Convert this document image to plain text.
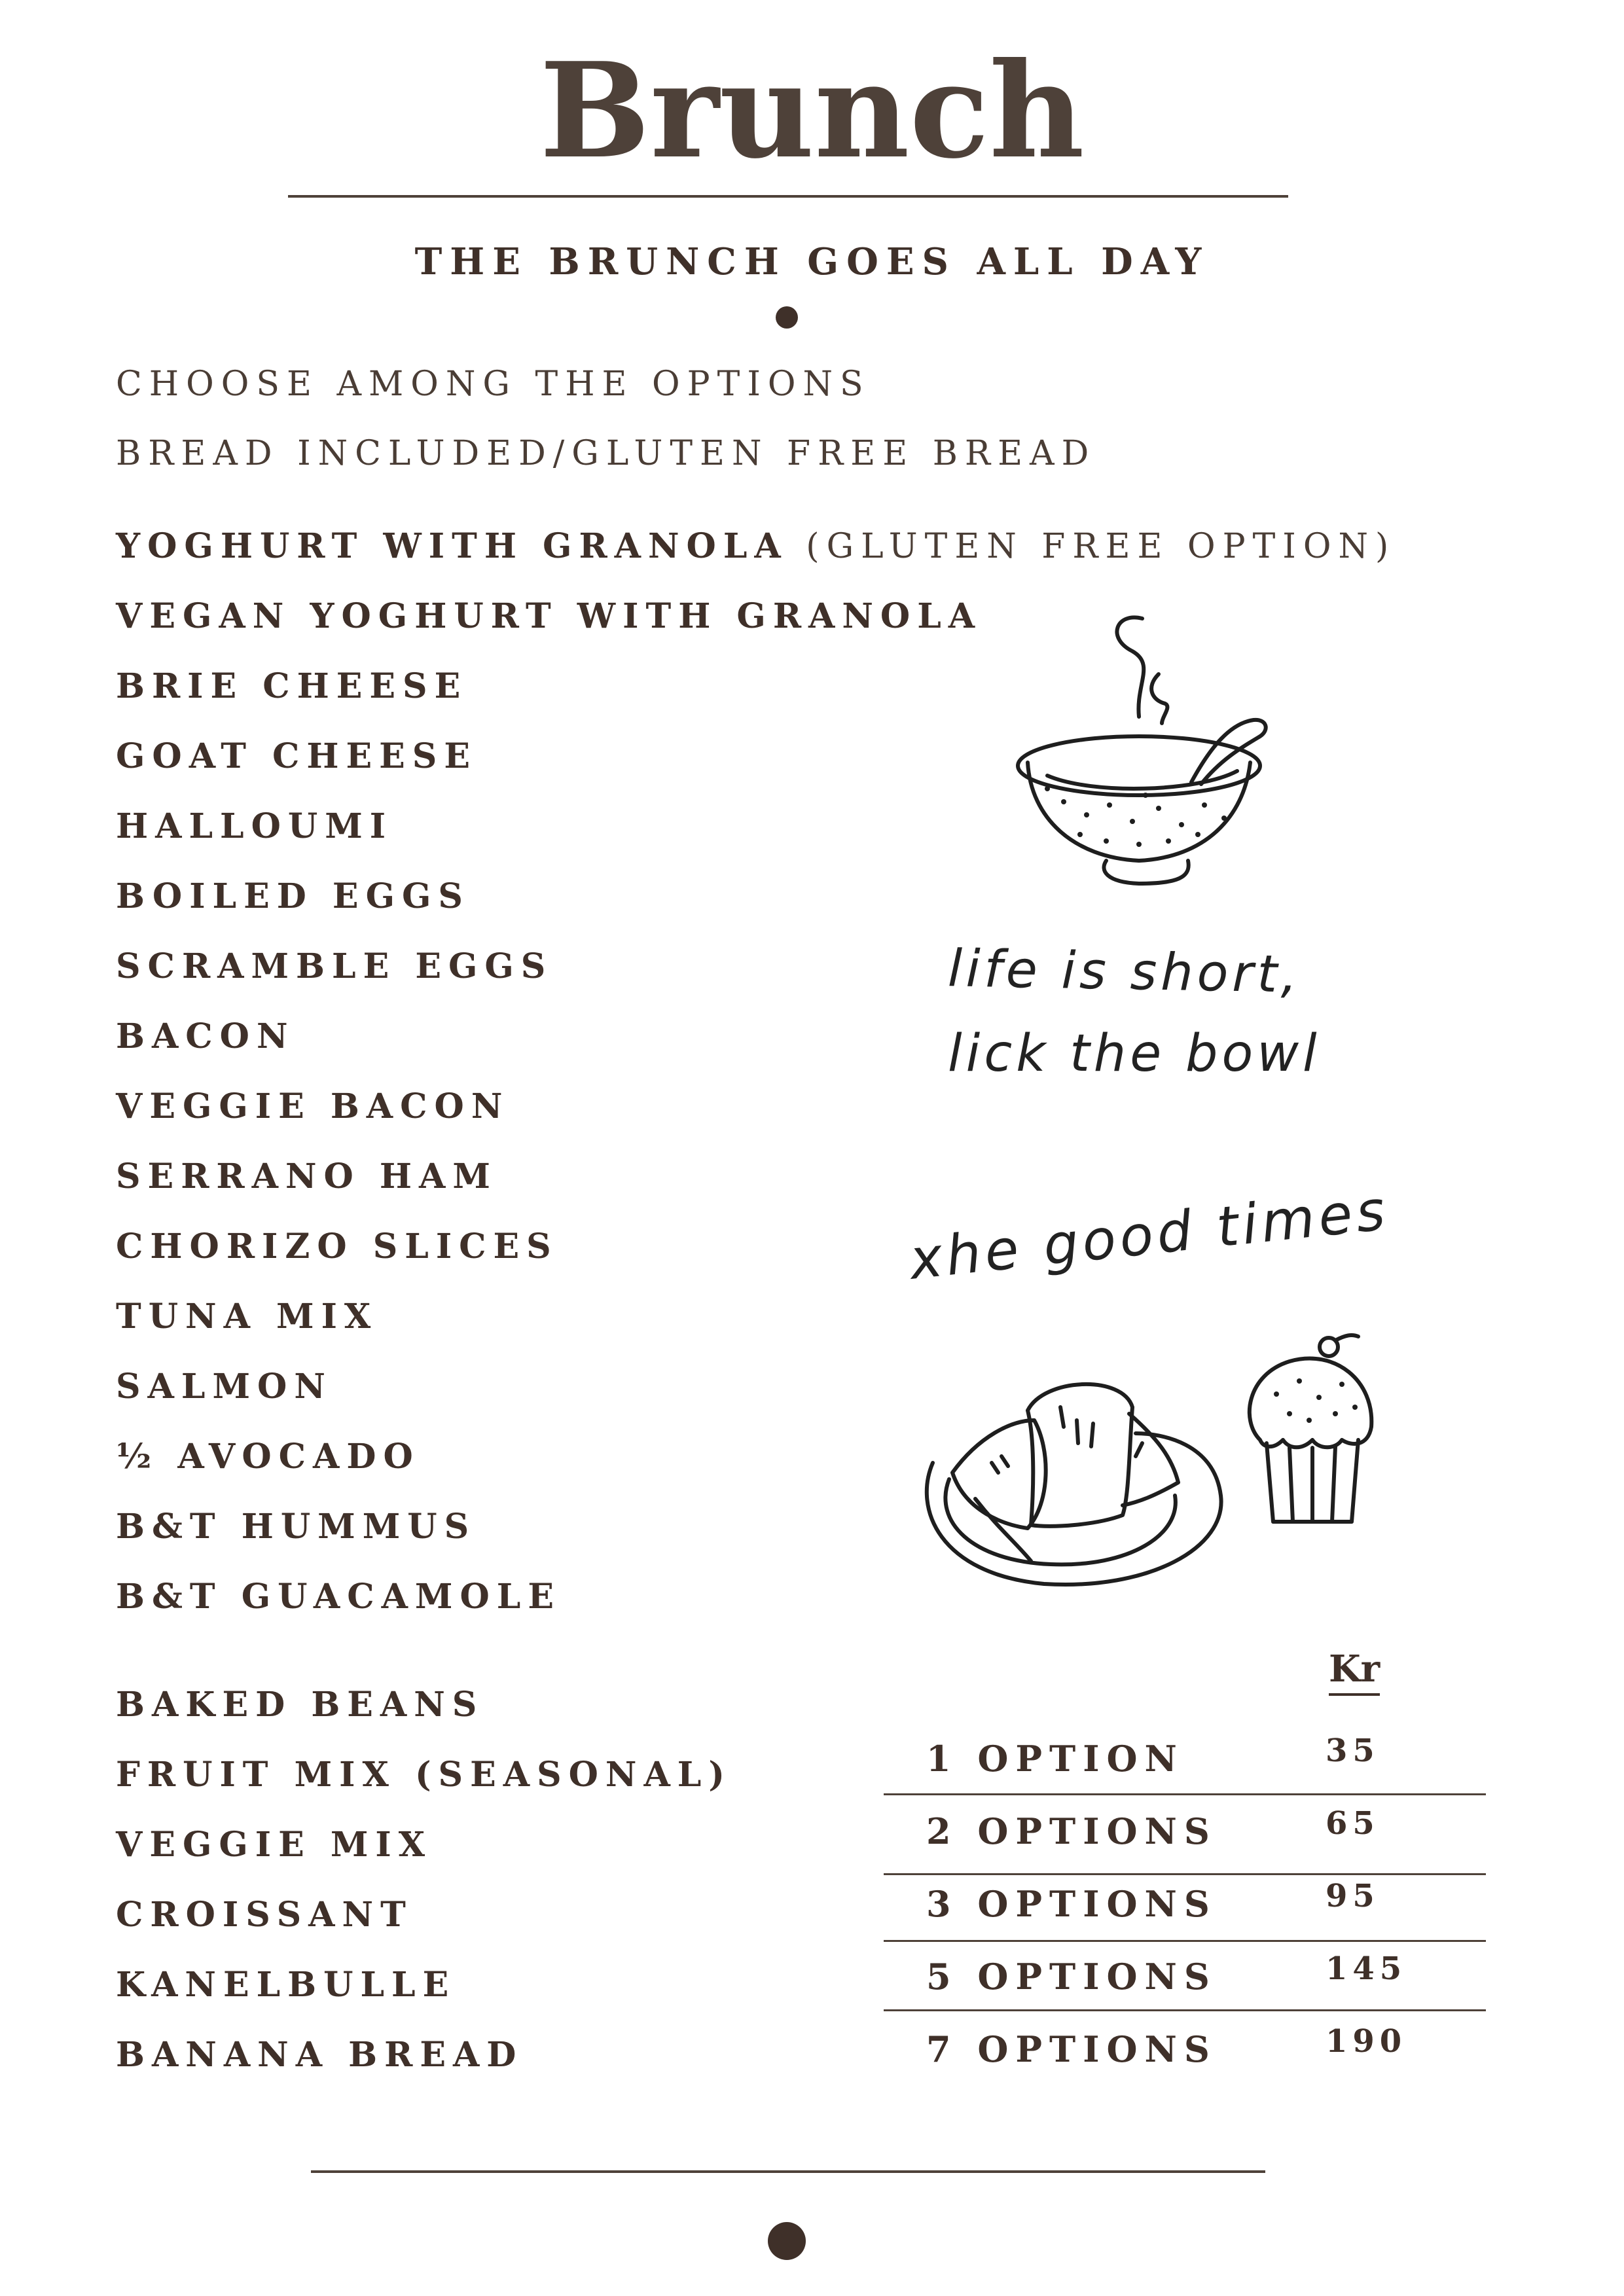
Brunch
THE BRUNCH GOES ALL DAY
CHOOSE AMONG THE OPTIONS
BREAD INCLUDED/GLUTEN FREE BREAD
YOGHURT WITH GRANOLA (GLUTEN FREE OPTION)
VEGAN YOGHURT WITH GRANOLA
BRIE CHEESE
GOAT CHEESE
HALLOUMI
BOILED EGGS
SCRAMBLE EGGS
BACON
VEGGIE BACON
SERRANO HAM
CHORIZO SLICES
TUNA MIX
SALMON
½ AVOCADO
B&T HUMMUS
B&T GUACAMOLE
BAKED BEANS
FRUIT MIX (SEASONAL)
VEGGIE MIX
CROISSANT
KANELBULLE
BANANA BREAD
life is short,
lick the bowl
xhe good times
Kr
1 OPTION	35
2 OPTIONS	65
3 OPTIONS	95
5 OPTIONS	145
7 OPTIONS	190
